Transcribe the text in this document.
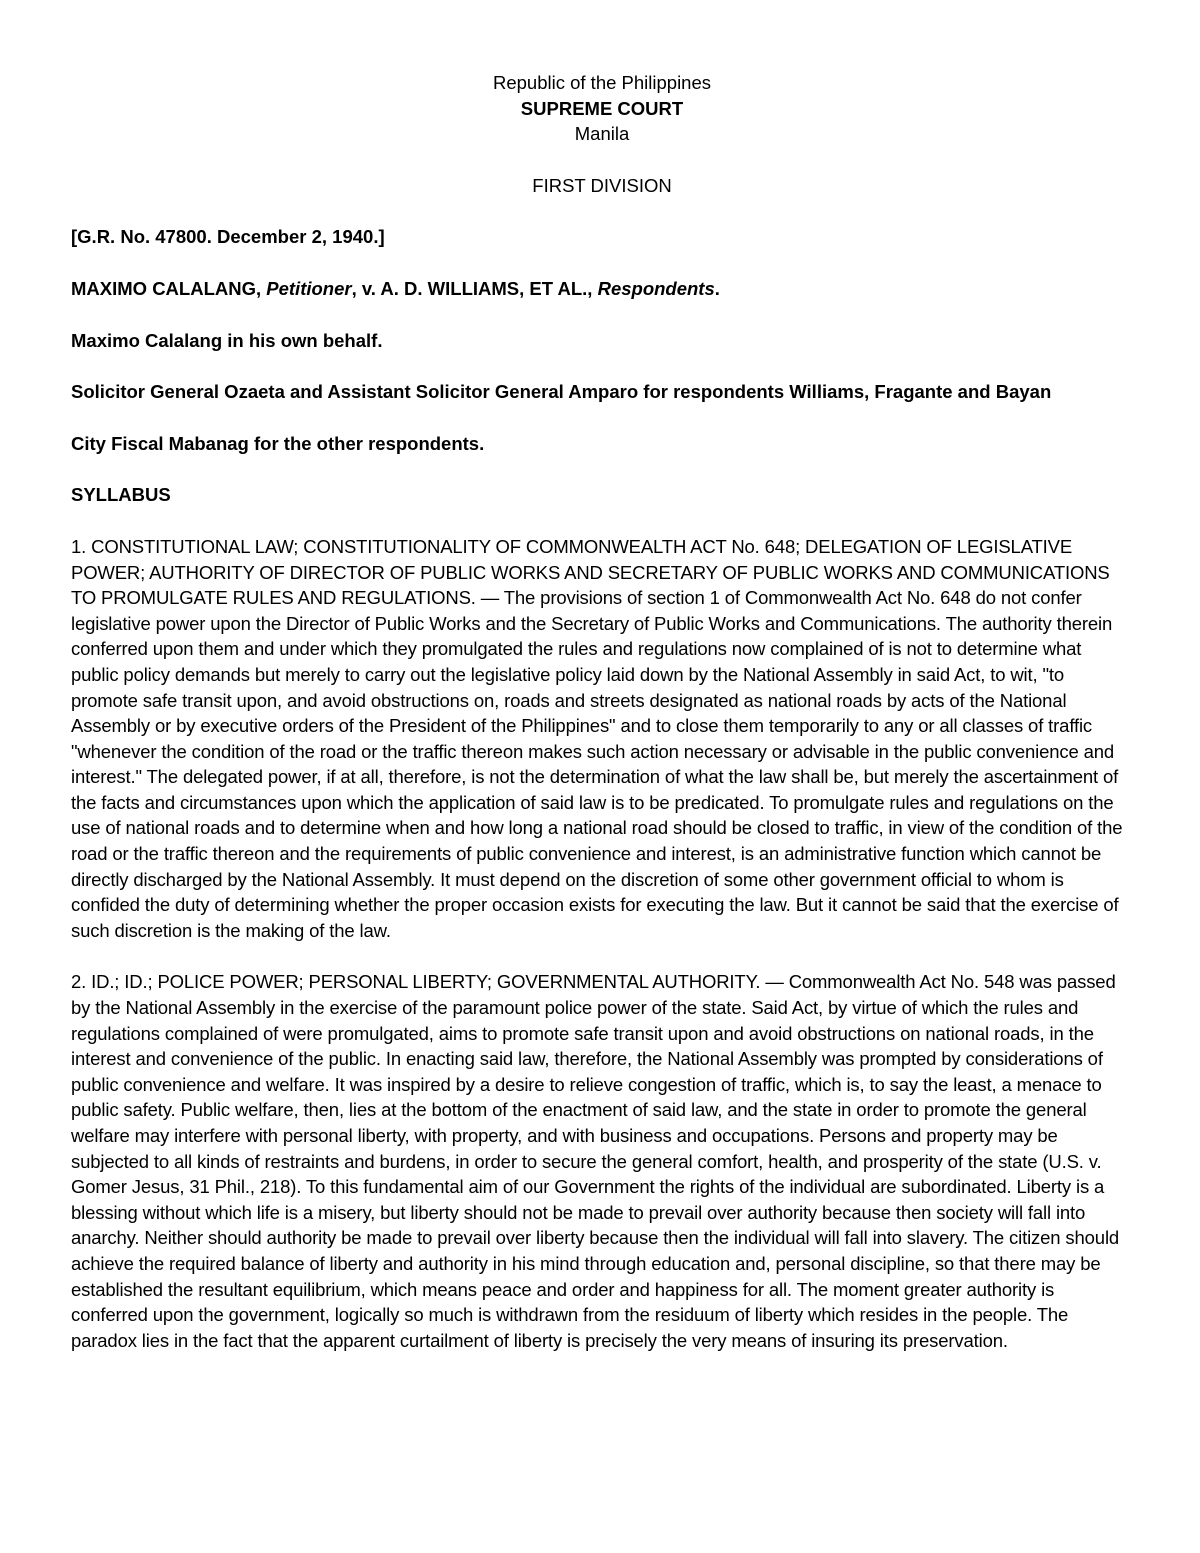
Republic of the Philippines

SUPREME COURT

Manila

FIRST DIVISION

[G.R. No. 47800. December 2, 1940.]

MAXIMO CALALANG, Petitioner, v. A. D. WILLIAMS, ET AL., Respondents.

Maximo Calalang in his own behalf.

Solicitor General Ozaeta and Assistant Solicitor General Amparo for respondents Williams, Fragante and Bayan

City Fiscal Mabanag for the other respondents.

SYLLABUS

1. CONSTITUTIONAL LAW; CONSTITUTIONALITY OF COMMONWEALTH ACT No. 648; DELEGATION OF LEGISLATIVE POWER; AUTHORITY OF DIRECTOR OF PUBLIC WORKS AND SECRETARY OF PUBLIC WORKS AND COMMUNICATIONS TO PROMULGATE RULES AND REGULATIONS. — The provisions of section 1 of Commonwealth Act No. 648 do not confer legislative power upon the Director of Public Works and the Secretary of Public Works and Communications. The authority therein conferred upon them and under which they promulgated the rules and regulations now complained of is not to determine what public policy demands but merely to carry out the legislative policy laid down by the National Assembly in said Act, to wit, "to promote safe transit upon, and avoid obstructions on, roads and streets designated as national roads by acts of the National Assembly or by executive orders of the President of the Philippines" and to close them temporarily to any or all classes of traffic "whenever the condition of the road or the traffic thereon makes such action necessary or advisable in the public convenience and interest." The delegated power, if at all, therefore, is not the determination of what the law shall be, but merely the ascertainment of the facts and circumstances upon which the application of said law is to be predicated. To promulgate rules and regulations on the use of national roads and to determine when and how long a national road should be closed to traffic, in view of the condition of the road or the traffic thereon and the requirements of public convenience and interest, is an administrative function which cannot be directly discharged by the National Assembly. It must depend on the discretion of some other government official to whom is confided the duty of determining whether the proper occasion exists for executing the law. But it cannot be said that the exercise of such discretion is the making of the law.

2. ID.; ID.; POLICE POWER; PERSONAL LIBERTY; GOVERNMENTAL AUTHORITY. — Commonwealth Act No. 548 was passed by the National Assembly in the exercise of the paramount police power of the state. Said Act, by virtue of which the rules and regulations complained of were promulgated, aims to promote safe transit upon and avoid obstructions on national roads, in the interest and convenience of the public. In enacting said law, therefore, the National Assembly was prompted by considerations of public convenience and welfare. It was inspired by a desire to relieve congestion of traffic, which is, to say the least, a menace to public safety. Public welfare, then, lies at the bottom of the enactment of said law, and the state in order to promote the general welfare may interfere with personal liberty, with property, and with business and occupations. Persons and property may be subjected to all kinds of restraints and burdens, in order to secure the general comfort, health, and prosperity of the state (U.S. v. Gomer Jesus, 31 Phil., 218). To this fundamental aim of our Government the rights of the individual are subordinated. Liberty is a blessing without which life is a misery, but liberty should not be made to prevail over authority because then society will fall into anarchy. Neither should authority be made to prevail over liberty because then the individual will fall into slavery. The citizen should achieve the required balance of liberty and authority in his mind through education and, personal discipline, so that there may be established the resultant equilibrium, which means peace and order and happiness for all. The moment greater authority is conferred upon the government, logically so much is withdrawn from the residuum of liberty which resides in the people. The paradox lies in the fact that the apparent curtailment of liberty is precisely the very means of insuring its preservation.
